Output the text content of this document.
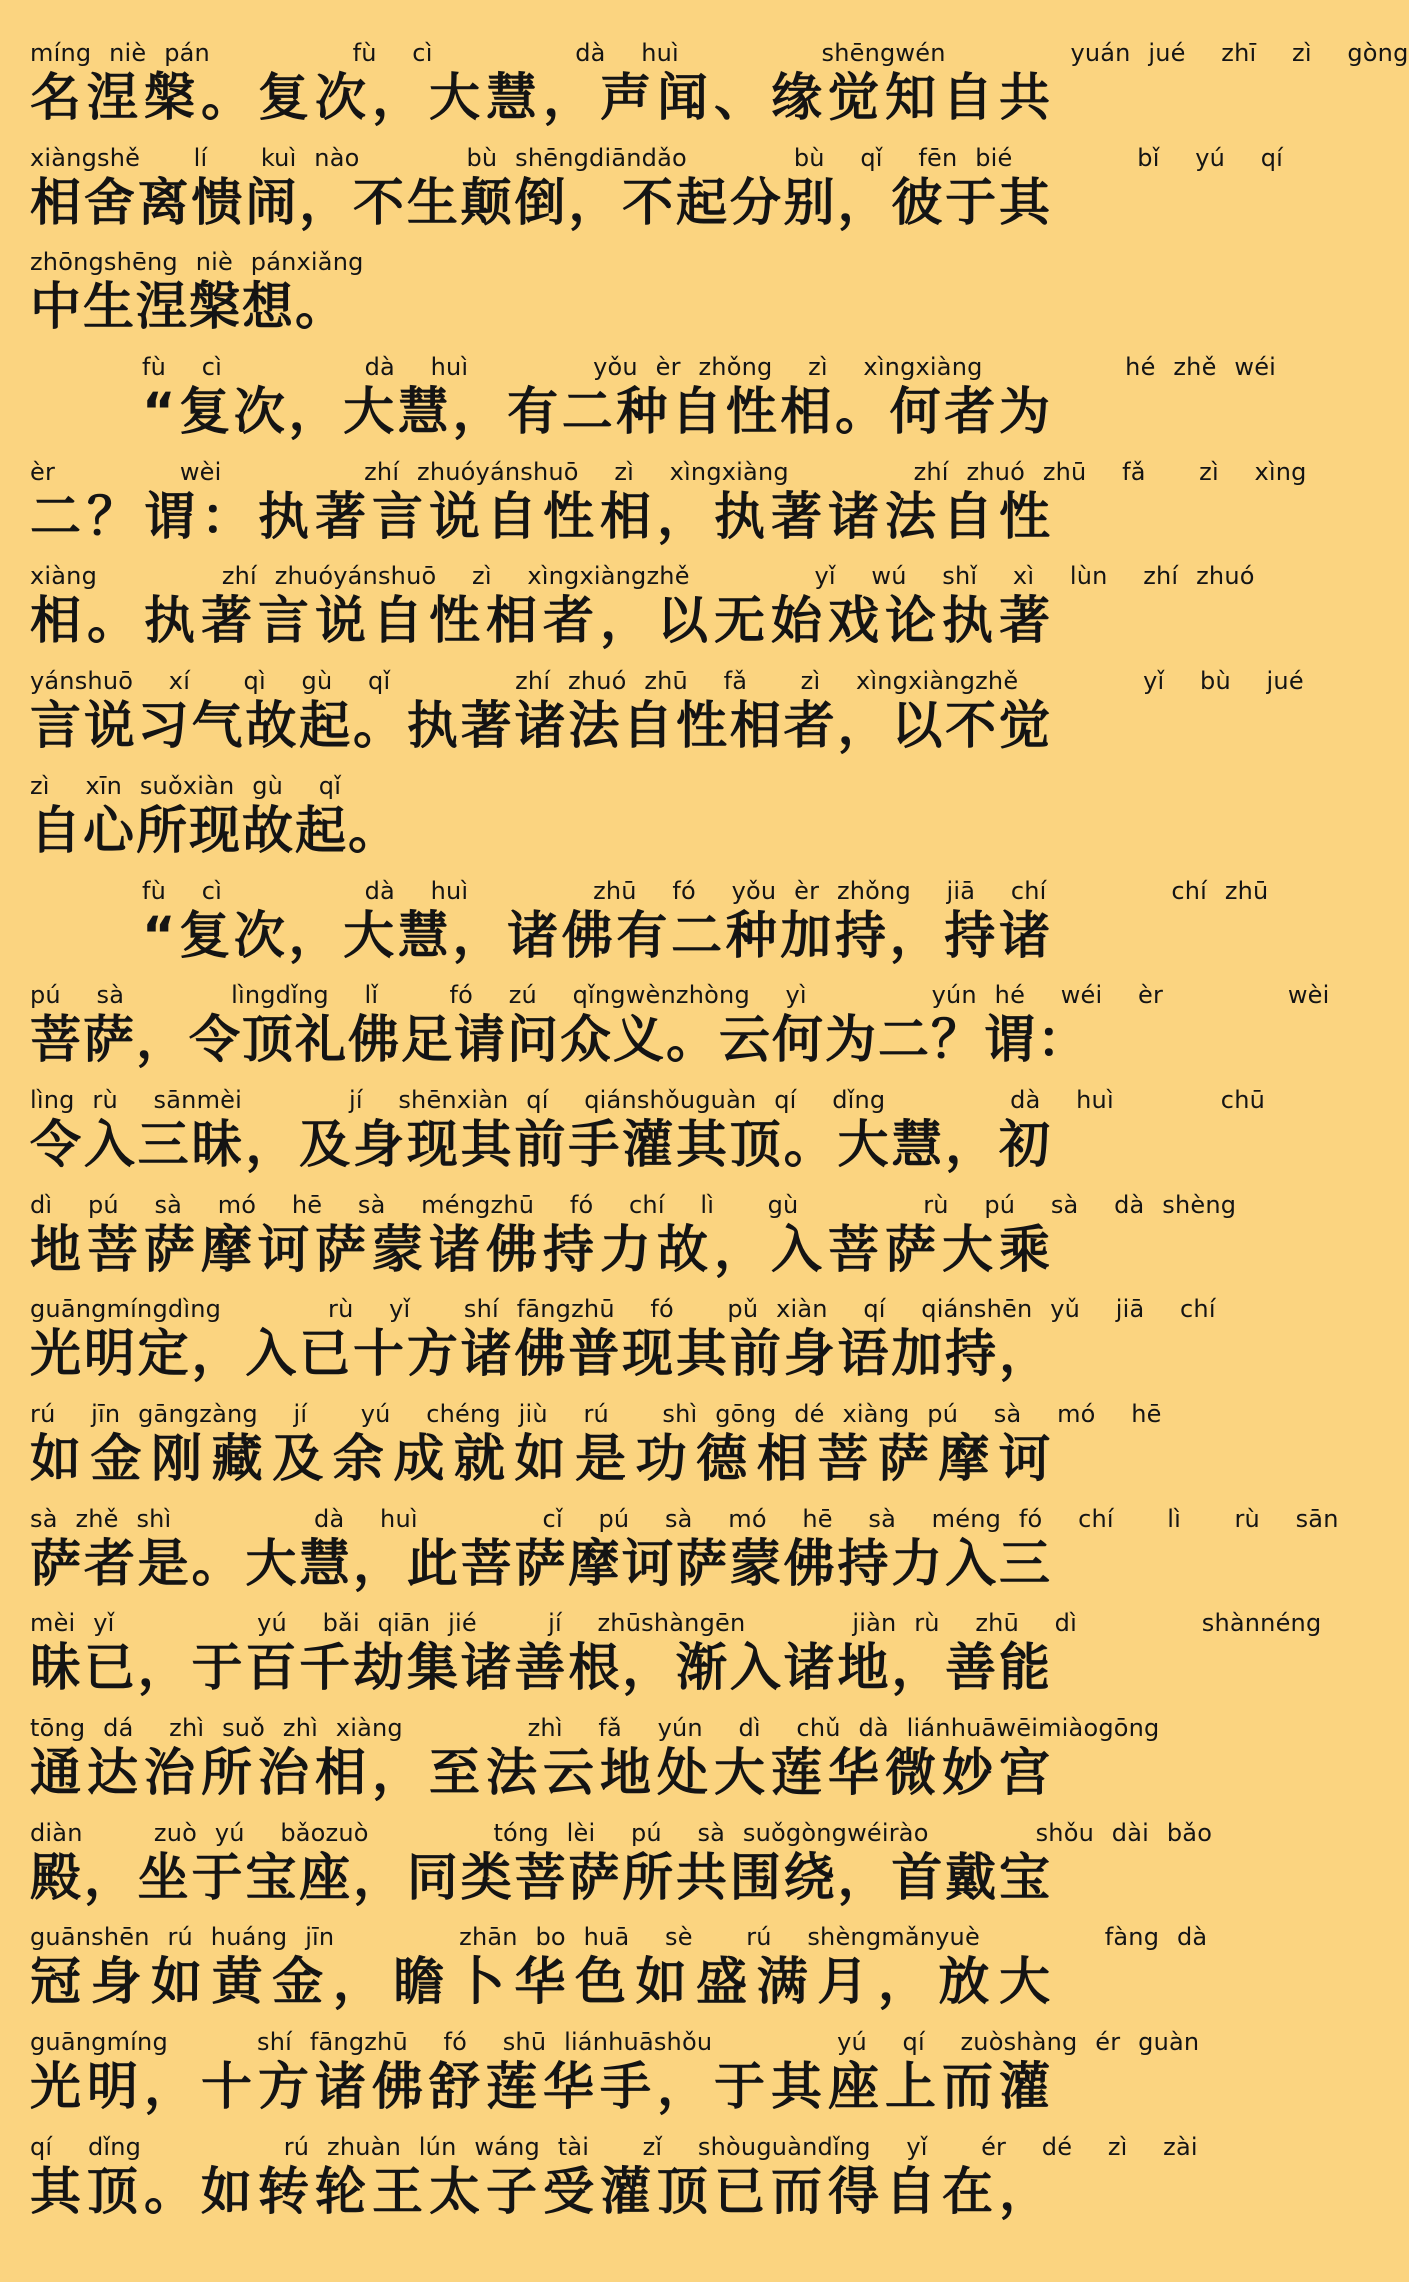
míng niè pán        fù  cì        dà  huì        shēngwén       yuán jué  zhī  zì  gòng
名涅槃。复次，大慧，声闻、缘觉知自共
xiàngshě   lí   kuì nào      bù shēngdiāndǎo      bù  qǐ  fēn bié       bǐ  yú  qí
相舍离愦闹，不生颠倒，不起分别，彼于其
zhōngshēng niè pánxiǎng
中生涅槃想。
fù  cì        dà  huì       yǒu èr zhǒng  zì  xìngxiàng        hé zhě wéi
“复次，大慧，有二种自性相。何者为
èr       wèi        zhí zhuóyánshuō  zì  xìngxiàng       zhí zhuó zhū  fǎ   zì  xìng
二？谓：执著言说自性相，执著诸法自性
xiàng       zhí zhuóyánshuō  zì  xìngxiàngzhě       yǐ  wú  shǐ  xì  lùn  zhí zhuó
相。执著言说自性相者，以无始戏论执著
yánshuō  xí   qì  gù  qǐ       zhí zhuó zhū  fǎ   zì  xìngxiàngzhě       yǐ  bù  jué
言说习气故起。执著诸法自性相者，以不觉
zì  xīn suǒxiàn gù  qǐ
自心所现故起。
fù  cì        dà  huì       zhū  fó  yǒu èr zhǒng  jiā  chí       chí zhū
“复次，大慧，诸佛有二种加持，持诸
pú  sà      lìngdǐng  lǐ    fó  zú  qǐngwènzhòng  yì       yún hé  wéi  èr       wèi
菩萨，令顶礼佛足请问众义。云何为二？谓：
lìng rù  sānmèi      jí  shēnxiàn qí  qiánshǒuguàn qí  dǐng       dà  huì      chū
令入三昧，及身现其前手灌其顶。大慧，初
dì  pú  sà  mó  hē  sà  méngzhū  fó  chí  lì   gù       rù  pú  sà  dà shèng
地菩萨摩诃萨蒙诸佛持力故，入菩萨大乘
guāngmíngdìng      rù  yǐ   shí fāngzhū  fó   pǔ xiàn  qí  qiánshēn yǔ  jiā  chí
光明定，入已十方诸佛普现其前身语加持，
rú  jīn gāngzàng  jí   yú  chéng jiù  rú   shì gōng dé xiàng pú  sà  mó  hē
如金刚藏及余成就如是功德相菩萨摩诃
sà zhě shì        dà  huì       cǐ  pú  sà  mó  hē  sà  méng fó  chí   lì   rù  sān
萨者是。大慧，此菩萨摩诃萨蒙佛持力入三
mèi yǐ        yú  bǎi qiān jié    jí  zhūshàngēn      jiàn rù  zhū  dì       shànnéng
昧已，于百千劫集诸善根，渐入诸地，善能
tōng dá  zhì suǒ zhì xiàng       zhì  fǎ  yún  dì  chǔ dà liánhuāwēimiàogōng
通达治所治相，至法云地处大莲华微妙宫
diàn    zuò yú  bǎozuò       tóng lèi  pú  sà suǒgòngwéirào      shǒu dài bǎo
殿，坐于宝座，同类菩萨所共围绕，首戴宝
guānshēn rú huáng jīn       zhān bo huā  sè   rú  shèngmǎnyuè       fàng dà
冠身如黄金，瞻卜华色如盛满月，放大
guāngmíng     shí fāngzhū  fó  shū liánhuāshǒu       yú  qí  zuòshàng ér guàn
光明，十方诸佛舒莲华手，于其座上而灌
qí  dǐng        rú zhuàn lún wáng tài   zǐ  shòuguàndǐng  yǐ   ér  dé  zì  zài
其顶。如转轮王太子受灌顶已而得自在，
